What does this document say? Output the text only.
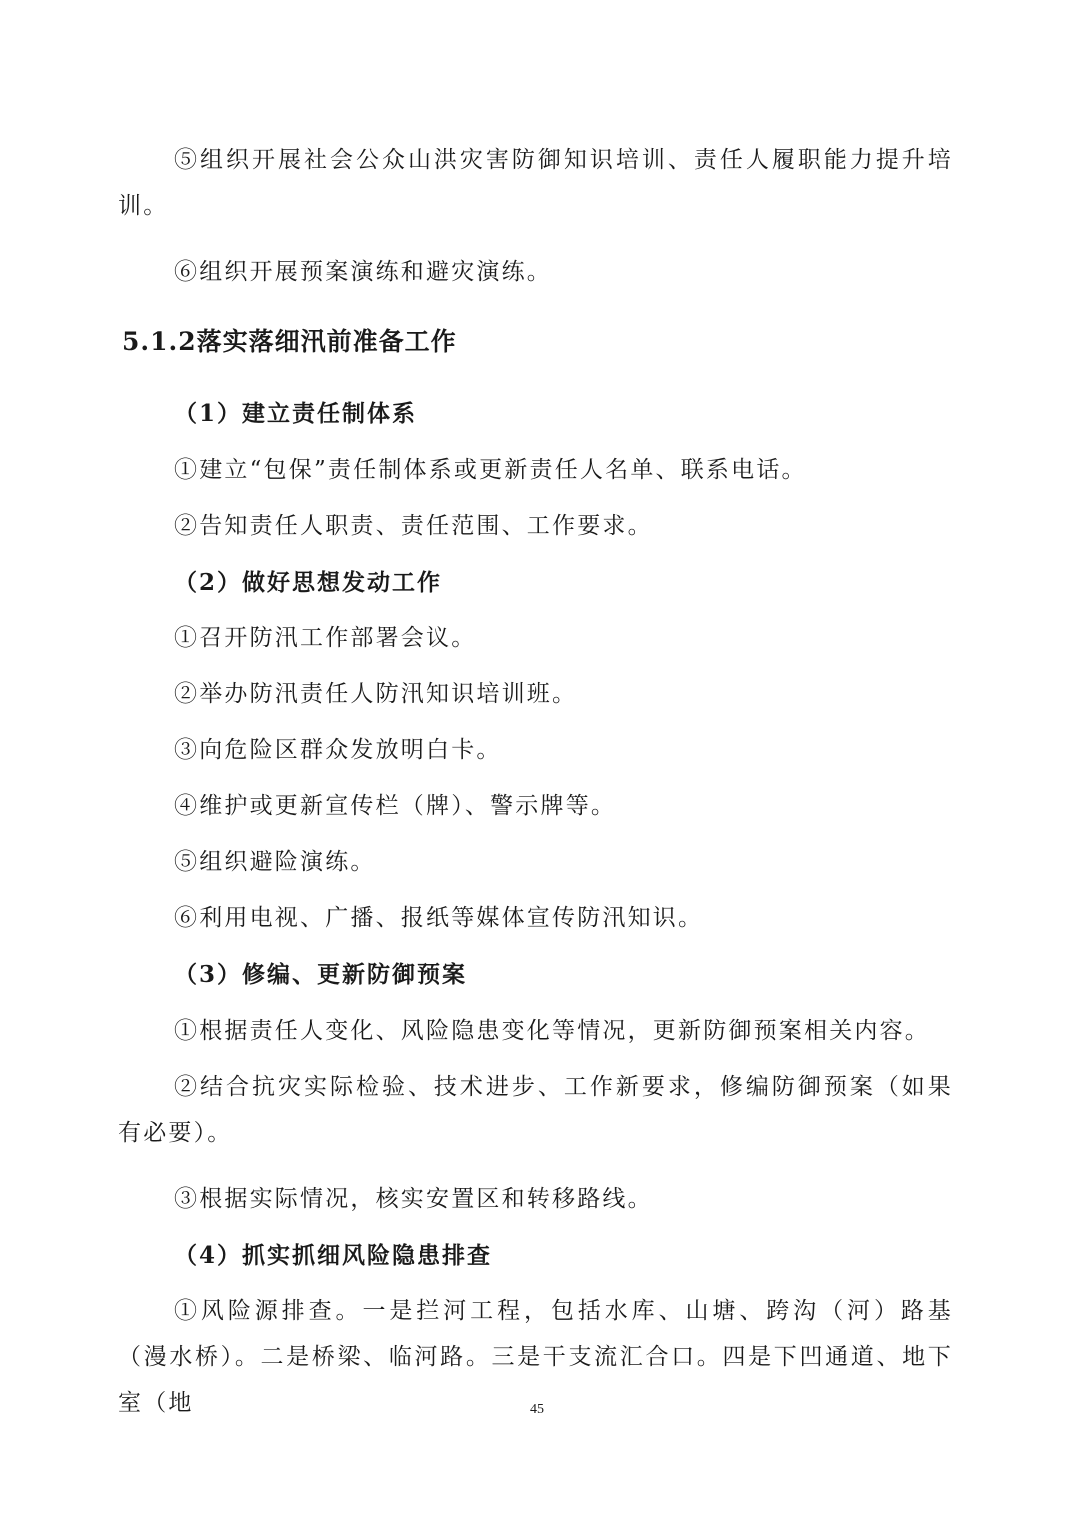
⑤组织开展社会公众山洪灾害防御知识培训、责任人履职能力提升培训。

⑥组织开展预案演练和避灾演练。

5.1.2落实落细汛前准备工作
（1）建立责任制体系

①建立“包保”责任制体系或更新责任人名单、联系电话。

②告知责任人职责、责任范围、工作要求。

（2）做好思想发动工作

①召开防汛工作部署会议。

②举办防汛责任人防汛知识培训班。

③向危险区群众发放明白卡。

④维护或更新宣传栏（牌）、警示牌等。

⑤组织避险演练。

⑥利用电视、广播、报纸等媒体宣传防汛知识。

（3）修编、更新防御预案

①根据责任人变化、风险隐患变化等情况，更新防御预案相关内容。

②结合抗灾实际检验、技术进步、工作新要求，修编防御预案（如果有必要）。

③根据实际情况，核实安置区和转移路线。

（4）抓实抓细风险隐患排查

①风险源排查。一是拦河工程，包括水库、山塘、跨沟（河）路基（漫水桥）。二是桥梁、临河路。三是干支流汇合口。四是下凹通道、地下室（地	45
